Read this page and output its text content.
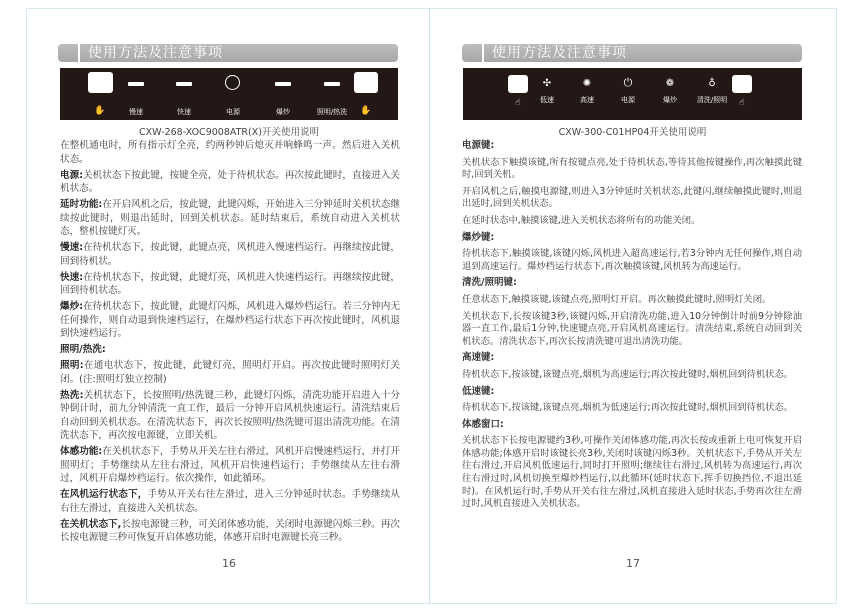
使用方法及注意事项
✋	慢速	快速	电源	爆炒	照明/热洗 ✋
CXW-268-XOC9008ATR(X)开关使用说明

在整机通电时，所有指示灯全亮，约两秒钟后熄灭并响蜂鸣一声。然后进入关机状态。

电源:关机状态下按此键，按键全亮，处于待机状态。再次按此键时，直接进入关机状态。

延时功能:在开启风机之后，按此键，此键闪烁，开始进入三分钟延时关机状态继续按此键时，则退出延时，回到关机状态。延时结束后，系统自动进入关机状态，整机按键灯灭。

慢速:在待机状态下，按此键，此键点亮，风机进入慢速档运行。再继续按此键，回到待机状。

快速:在待机状态下，按此键，此键灯亮，风机进入快速档运行。再继续按此键，回到待机状态。

爆炒:在待机状态下，按此键，此键灯闪烁，风机进入爆炒档运行。若三分钟内无任何操作，则自动退到快速档运行，在爆炒档运行状态下再次按此键时，风机退到快速档运行。

照明/热洗:

照明:在通电状态下，按此键，此键灯亮，照明灯开启。再次按此键时照明灯关闭。(注:照明灯独立控制)

热洗:关机状态下，长按照明/热洗键三秒，此键灯闪烁，清洗功能开启进入十分钟倒计时，前九分钟清洗一直工作，最后一分钟开启风机快速运行。清洗结束后自动回到关机状态。在清洗状态下，再次长按照明/热洗键可退出清洗功能。在清洗状态下，再次按电源键，立即关机。

体感功能:在关机状态下，手势从开关左往右滑过，风机开启慢速档运行，并打开照明灯；手势继续从左往右滑过，风机开启快速档运行；手势继续从左往右滑过，风机开启爆炒档运行。依次操作，如此循环。

在风机运行状态下，手势从开关右往左滑过，进入三分钟延时状态。手势继续从右往左滑过，直接进入关机状态。

在关机状态下,长按电源键三秒，可关闭体感功能，关闭时电源键闪烁三秒。再次长按电源键三秒可恢复开启体感功能，体感开启时电源键长亮三秒。

16
使用方法及注意事项
✣	✺	⏻	❁	♁
☝	低速	高速	电源	爆炒	清洗/照明 ☝
CXW-300-C01HP04开关使用说明
电源键:

关机状态下触摸该键,所有按键点亮,处于待机状态,等待其他按键操作,再次触摸此键时,回到关机。

开启风机之后,触摸电源键,则进入3分钟延时关机状态,此键闪,继续触摸此键时,则退出延时,回到关机状态。

在延时状态中,触摸该键,进入关机状态将所有的功能关闭。

爆炒键:

待机状态下,触摸该键,该键闪烁,风机进入超高速运行,若3分钟内无任何操作,则自动退到高速运行。爆炒档运行状态下,再次触摸该键,风机转为高速运行。

清洗/照明键:

任意状态下,触摸该键,该键点亮,照明灯开启。再次触摸此键时,照明灯关闭。

关机状态下,长按该键3秒,该键闪烁,开启清洗功能,进入10分钟倒计时前9分钟除油器一直工作,最后1分钟,快速键点亮,开启风机高速运行。清洗结束,系统自动回到关机状态。清洗状态下,再次长按清洗键可退出清洗功能。

高速键:

待机状态下,按该键,该键点亮,烟机为高速运行;再次按此键时,烟机回到待机状态。

低速键:

待机状态下,按该键,该键点亮,烟机为低速运行;再次按此键时,烟机回到待机状态。

体感窗口:

关机状态下长按电源键约3秒,可操作关闭体感功能,再次长按或重新上电可恢复开启体感功能;体感开启时该键长亮3秒,关闭时该键闪烁3秒。关机状态下,手势从开关左往右滑过,开启风机低速运行,同时打开照明;继续往右滑过,风机转为高速运行,再次往右滑过时,风机切换至爆炒档运行,以此循环(延时状态下,挥手切换挡位,不退出延时)。在风机运行时,手势从开关右往左滑过,风机直接进入延时状态,手势再次往左滑过时,风机直接进入关机状态。

17
